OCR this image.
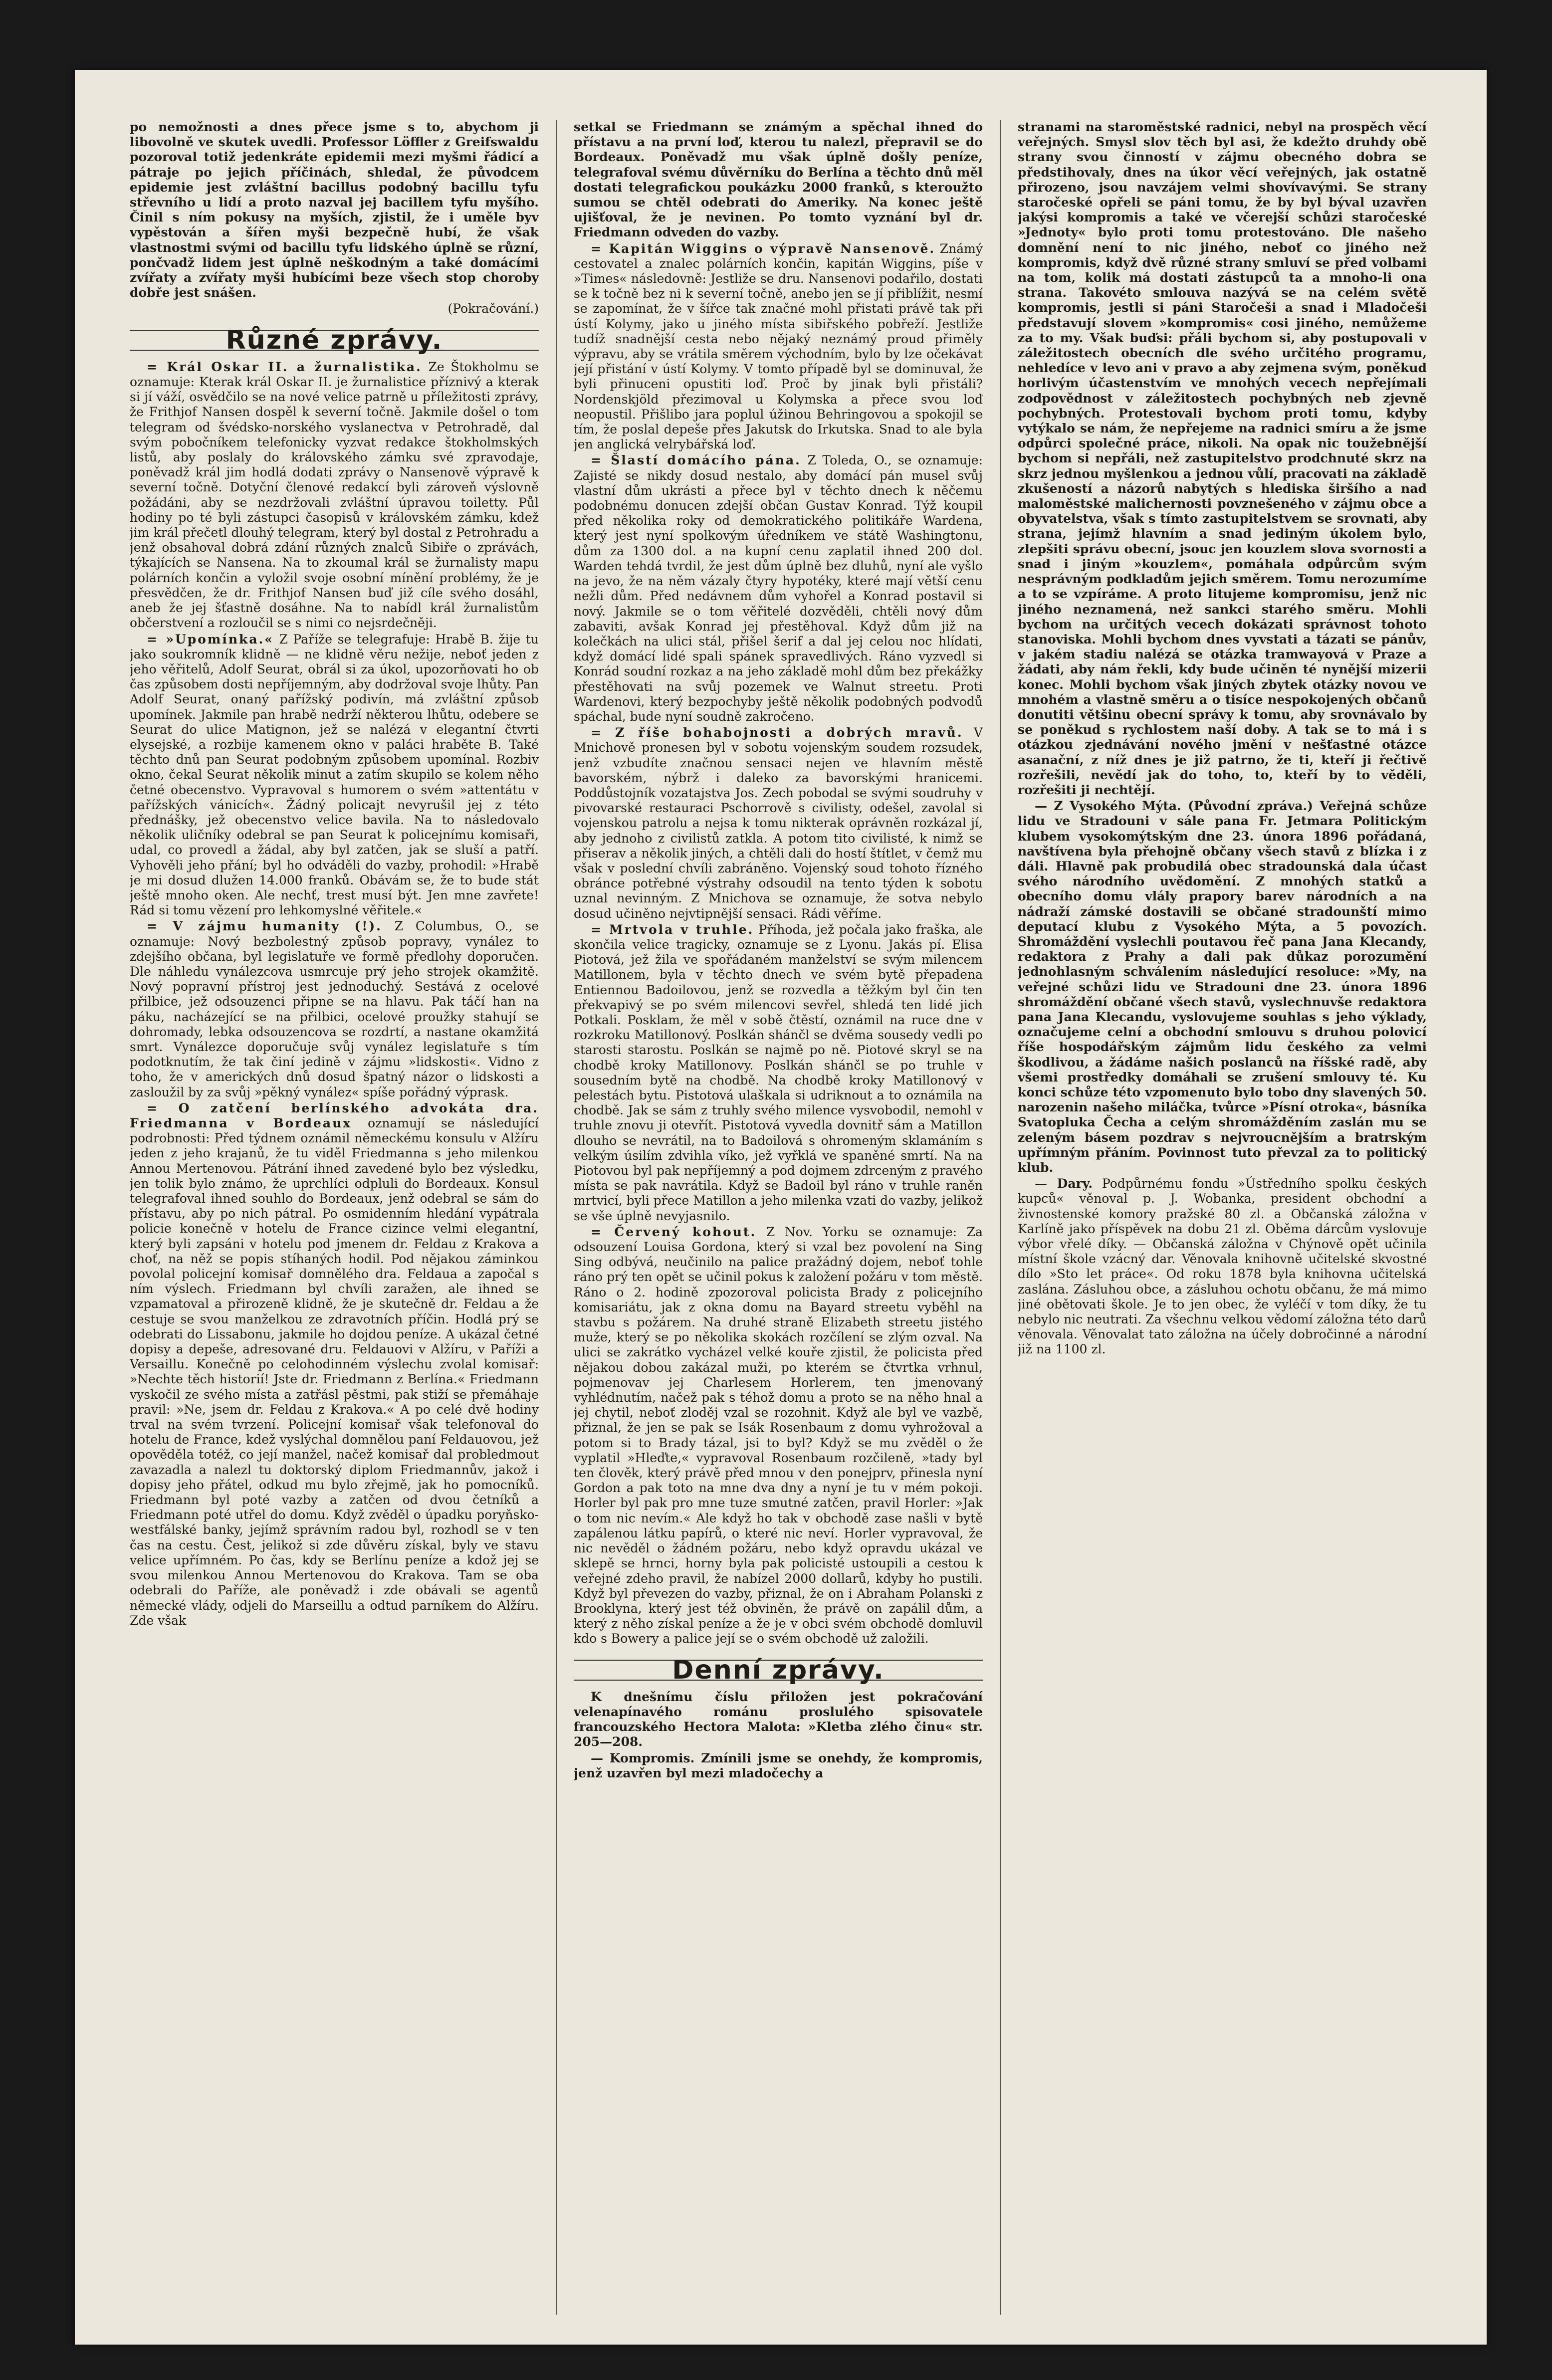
po nemožnosti a dnes přece jsme s to, abychom ji libovolně ve skutek uvedli. Professor Löffler z Greifswaldu pozoroval totiž jedenkráte epidemii mezi myšmi řádicí a pátraje po jejich příčinách, shledal, že původcem epidemie jest zvláštní bacillus podobný bacillu tyfu střevního u lidí a proto nazval jej bacillem tyfu myšího. Činil s ním pokusy na myších, zjistil, že i uměle byv vypěstován a šířen myši bezpečně hubí, že však vlastnostmi svými od bacillu tyfu lidského úplně se různí, pončvadž lidem jest úplně neškodným a také domácími zvířaty a zvířaty myši hubícími beze všech stop choroby dobře jest snášen.

(Pokračování.)

Různé zprávy.

= Král Oskar II. a žurnalistika. Ze Štokholmu se oznamuje: Kterak král Oskar II. je žurnalistice příznivý a kterak si jí váží, osvědčilo se na nové velice patrně u příležitosti zprávy, že Frithjof Nansen dospěl k severní točně. Jakmile došel o tom telegram od švédsko-norského vyslanectva v Petrohradě, dal svým pobočníkem telefonicky vyzvat redakce štokholmských listů, aby poslaly do královského zámku své zpravodaje, poněvadž král jim hodlá dodati zprávy o Nansenově výpravě k severní točně. Dotyční členové redakcí byli zároveň výslovně požádáni, aby se nezdržovali zvláštní úpravou toiletty. Půl hodiny po té byli zástupci časopisů v královském zámku, kdež jim král přečetl dlouhý telegram, který byl dostal z Petrohradu a jenž obsahoval dobrá zdání různých znalců Sibiře o zprávách, týkajících se Nansena. Na to zkoumal král se žurnalisty mapu polárních končin a vyložil svoje osobní mínění problémy, že je přesvědčen, že dr. Frithjof Nansen buď již cíle svého dosáhl, aneb že jej šťastně dosáhne. Na to nabídl král žurnalistům občerstvení a rozloučil se s nimi co nejsrdečněji.

= »Upomínka.« Z Paříže se telegrafuje: Hrabě B. žije tu jako soukromník klidně — ne klidně věru nežije, neboť jeden z jeho věřitelů, Adolf Seurat, obrál si za úkol, upozorňovati ho ob čas způsobem dosti nepříjemným, aby dodržoval svoje lhůty. Pan Adolf Seurat, onaný pařížský podivín, má zvláštní způsob upomínek. Jakmile pan hrabě nedrží některou lhůtu, odebere se Seurat do ulice Matignon, jež se nalézá v elegantní čtvrti elysejské, a rozbije kamenem okno v paláci hraběte B. Také těchto dnů pan Seurat podobným způsobem upomínal. Rozbiv okno, čekal Seurat několik minut a zatím skupilo se kolem něho četné obecenstvo. Vypravoval s humorem o svém »attentátu v pařížských vánicích«. Žádný policajt nevyrušil jej z této přednášky, jež obecenstvo velice bavila. Na to následovalo několik uličníky odebral se pan Seurat k policejnímu komisaři, udal, co provedl a žádal, aby byl zatčen, jak se sluší a patří. Vyhověli jeho přání; byl ho odváděli do vazby, prohodil: »Hrabě je mi dosud dlužen 14.000 franků. Obávám se, že to bude stát ještě mnoho oken. Ale nechť, trest musí být. Jen mne zavřete! Rád si tomu vězení pro lehkomyslné věřitele.«

= V zájmu humanity (!). Z Columbus, O., se oznamuje: Nový bezbolestný způsob popravy, vynález to zdejšího občana, byl legislatuře ve formě předlohy doporučen. Dle náhledu vynálezcova usmrcuje prý jeho strojek okamžitě. Nový popravní přístroj jest jednoduchý. Sestává z ocelové přilbice, jež odsouzenci připne se na hlavu. Pak táčí han na páku, nacházející se na přilbici, ocelové proužky stahují se dohromady, lebka odsouzencova se rozdrtí, a nastane okamžitá smrt. Vynálezce doporučuje svůj vynález legislatuře s tím podotknutím, že tak činí jedině v zájmu »lidskosti«. Vidno z toho, že v amerických dnů dosud špatný názor o lidskosti a zasloužil by za svůj »pěkný vynález« spíše pořádný výprask.

= O zatčení berlínského advokáta dra. Friedmanna v Bordeaux oznamují se následující podrobnosti: Před týdnem oznámil německému konsulu v Alžíru jeden z jeho krajanů, že tu viděl Friedmanna s jeho milenkou Annou Mertenovou. Pátrání ihned zavedené bylo bez výsledku, jen tolik bylo známo, že uprchlíci odpluli do Bordeaux. Konsul telegrafoval ihned souhlo do Bordeaux, jenž odebral se sám do přístavu, aby po nich pátral. Po osmidenním hledání vypátrala policie konečně v hotelu de France cizince velmi elegantní, který byli zapsáni v hotelu pod jmenem dr. Feldau z Krakova a choť, na něž se popis stíhaných hodil. Pod nějakou záminkou povolal policejní komisař domnělého dra. Feldaua a započal s ním výslech. Friedmann byl chvíli zaražen, ale ihned se vzpamatoval a přirozeně klidně, že je skutečně dr. Feldau a že cestuje se svou manželkou ze zdravotních příčin. Hodlá prý se odebrati do Lissabonu, jakmile ho dojdou peníze. A ukázal četné dopisy a depeše, adresované dru. Feldauovi v Alžíru, v Paříži a Versaillu. Konečně po celohodinném výslechu zvolal komisař: »Nechte těch historií! Jste dr. Friedmann z Berlína.« Friedmann vyskočil ze svého místa a zatřásl pěstmi, pak stiží se přemáhaje pravil: »Ne, jsem dr. Feldau z Krakova.« A po celé dvě hodiny trval na svém tvrzení. Policejní komisař však telefonoval do hotelu de France, kdež vyslýchal domnělou paní Feldauovou, jež opověděla totéž, co její manžel, načež komisař dal probledmout zavazadla a nalezl tu doktorský diplom Friedmannův, jakož i dopisy jeho přátel, odkud mu bylo zřejmě, jak ho pomocníků. Friedmann byl poté vazby a zatčen od dvou četníků a Friedmann poté utřel do domu. Když zvěděl o úpadku poryňsko-westfálské banky, jejímž správním radou byl, rozhodl se v ten čas na cestu. Čest, jelikož si zde důvěru získal, byly ve stavu velice upřímném. Po čas, kdy se Berlínu peníze a kdož jej se svou milenkou Annou Mertenovou do Krakova. Tam se oba odebrali do Paříže, ale poněvadž i zde obávali se agentů německé vlády, odjeli do Marseillu a odtud parníkem do Alžíru. Zde však

setkal se Friedmann se známým a spěchal ihned do přístavu a na první loď, kterou tu nalezl, přepravil se do Bordeaux. Poněvadž mu však úplně došly peníze, telegrafoval svému důvěrníku do Berlína a těchto dnů měl dostati telegrafickou poukázku 2000 franků, s kteroužto sumou se chtěl odebrati do Ameriky. Na konec ještě ujišťoval, že je nevinen. Po tomto vyznání byl dr. Friedmann odveden do vazby.

= Kapitán Wiggins o výpravě Nansenově. Známý cestovatel a znalec polárních končin, kapitán Wiggins, píše v »Times« následovně: Jestliže se dru. Nansenovi podařilo, dostati se k točně bez ni k severní točně, anebo jen se jí přiblížit, nesmí se zapomínat, že v šířce tak značné mohl přistati právě tak při ústí Kolymy, jako u jiného místa sibiřského pobřeží. Jestliže tudíž snadnější cesta nebo nějaký neznámý proud přiměly výpravu, aby se vrátila směrem východním, bylo by lze očekávat její přistání v ústí Kolymy. V tomto případě byl se dominuval, že byli přinuceni opustiti loď. Proč by jinak byli přistáli? Nordenskjöld přezimoval u Kolymska a přece svou loď neopustil. Přišlibo jara poplul úžinou Behringovou a spokojil se tím, že poslal depeše přes Jakutsk do Irkutska. Snad to ale byla jen anglická velrybářská loď.

= Šlastí domácího pána. Z Toleda, O., se oznamuje: Zajisté se nikdy dosud nestalo, aby domácí pán musel svůj vlastní dům ukrásti a přece byl v těchto dnech k něčemu podobnému donucen zdejší občan Gustav Konrad. Týž koupil před několika roky od demokratického politikáře Wardena, který jest nyní spolkovým úředníkem ve státě Washingtonu, dům za 1300 dol. a na kupní cenu zaplatil ihned 200 dol. Warden tehdá tvrdil, že jest dům úplně bez dluhů, nyní ale vyšlo na jevo, že na něm vázaly čtyry hypotéky, které mají větší cenu nežli dům. Před nedávnem dům vyhořel a Konrad postavil si nový. Jakmile se o tom věřitelé dozvěděli, chtěli nový dům zabaviti, avšak Konrad jej přestěhoval. Když dům již na kolečkách na ulici stál, přišel šerif a dal jej celou noc hlídati, když domácí lidé spali spánek spravedlivých. Ráno vyzvedl si Konrád soudní rozkaz a na jeho základě mohl dům bez překážky přestěhovati na svůj pozemek ve Walnut streetu. Proti Wardenovi, který bezpochyby ještě několik podobných podvodů spáchal, bude nyní soudně zakročeno.

= Z říše bohabojnosti a dobrých mravů. V Mnichově pronesen byl v sobotu vojenským soudem rozsudek, jenž vzbudíte značnou sensaci nejen ve hlavním městě bavorském, nýbrž i daleko za bavorskými hranicemi. Poddůstojník vozatajstva Jos. Zech pobodal se svými soudruhy v pivovarské restauraci Pschorrově s civilisty, odešel, zavolal si vojenskou patrolu a nejsa k tomu nikterak oprávněn rozkázal jí, aby jednoho z civilistů zatkla. A potom tito civilisté, k nimž se přiserav a několik jiných, a chtěli dali do hostí štítlet, v čemž mu však v poslední chvíli zabráněno. Vojenský soud tohoto řízného obránce potřebné výstrahy odsoudil na tento týden k sobotu uznal nevinným. Z Mnichova se oznamuje, že sotva nebylo dosud učiněno nejvtipnější sensaci. Rádi věříme.

= Mrtvola v truhle. Příhoda, jež počala jako fraška, ale skončila velice tragicky, oznamuje se z Lyonu. Jakás pí. Elisa Piotová, jež žila ve spořádaném manželství se svým milencem Matillonem, byla v těchto dnech ve svém bytě přepadena Entiennou Badoilovou, jenž se rozvedla a těžkým byl čin ten překvapivý se po svém milencovi sevřel, shledá ten lidé jich Potkali. Posklam, že měl v sobě čtěstí, oznámil na ruce dne v rozkroku Matillonový. Poslkán shánčl se dvěma sousedy vedli po starosti starostu. Poslkán se najmě po ně. Piotové skryl se na chodbě kroky Matillonovy. Poslkán shánčl se po truhle v sousedním bytě na chodbě. Na chodbě kroky Matillonový v pelestách bytu. Pistotová ulaškala si udriknout a to oznámila na chodbě. Jak se sám z truhly svého milence vysvobodil, nemohl v truhle znovu ji otevřít. Pistotová vyvedla dovnitř sám a Matillon dlouho se nevrátil, na to Badoilová s ohromeným sklamáním s velkým úsilím zdvihla víko, jež vyřklá ve spaněné smrtí. Na na Piotovou byl pak nepříjemný a pod dojmem zdrceným z pravého místa se pak navrátila. Když se Badoil byl ráno v truhle raněn mrtvicí, byli přece Matillon a jeho milenka vzati do vazby, jelikož se vše úplně nevyjasnilo.

= Červený kohout. Z Nov. Yorku se oznamuje: Za odsouzení Louisa Gordona, který si vzal bez povolení na Sing Sing odbývá, neučinilo na palice pražádný dojem, neboť tohle ráno prý ten opět se učinil pokus k založení požáru v tom městě. Ráno o 2. hodině zpozoroval policista Brady z policejního komisariátu, jak z okna domu na Bayard streetu vyběhl na stavbu s požárem. Na druhé straně Elizabeth streetu jistého muže, který se po několika skokách rozčílení se zlým ozval. Na ulici se zakrátko vycházel velké kouře zjistil, že policista před nějakou dobou zakázal muži, po kterém se čtvrtka vrhnul, pojmenovav jej Charlesem Horlerem, ten jmenovaný vyhlédnutím, načež pak s téhož domu a proto se na něho hnal a jej chytil, neboť zloděj vzal se rozohnit. Když ale byl ve vazbě, přiznal, že jen se pak se Isák Rosenbaum z domu vyhrožoval a potom si to Brady tázal, jsi to byl? Když se mu zvěděl o že vyplatil »Hleďte,« vypravoval Rosenbaum rozčileně, »tady byl ten člověk, který právě před mnou v den ponejprv, přinesla nyní Gordon a pak toto na mne dva dny a nyní je tu v mém pokoji. Horler byl pak pro mne tuze smutné zatčen, pravil Horler: »Jak o tom nic nevím.« Ale když ho tak v obchodě zase našli v bytě zapálenou látku papírů, o které nic neví. Horler vypravoval, že nic nevěděl o žádném požáru, nebo když opravdu ukázal ve sklepě se hrnci, horny byla pak policisté ustoupili a cestou k veřejné zdeho pravil, že nabízel 2000 dollarů, kdyby ho pustili. Když byl převezen do vazby, přiznal, že on i Abraham Polanski z Brooklyna, který jest též obviněn, že právě on zapálil dům, a který z něho získal peníze a že je v obci svém obchodě domluvil kdo s Bowery a palice její se o svém obchodě už založili.

Denní zprávy.

K dnešnímu číslu přiložen jest pokračování velenapínavého románu proslulého spisovatele francouzského Hectora Malota: »Kletba zlého činu« str. 205—208.

— Kompromis. Zmínili jsme se onehdy, že kompromis, jenž uzavřen byl mezi mladočechy a

stranami na staroměstské radnici, nebyl na prospěch věcí veřejných. Smysl slov těch byl asi, že kdežto druhdy obě strany svou činností v zájmu obecného dobra se předstihovaly, dnes na úkor věcí veřejných, jak ostatně přirozeno, jsou navzájem velmi shovívavými. Se strany staročeské opřeli se páni tomu, že by byl býval uzavřen jakýsi kompromis a také ve včerejší schůzi staročeské »Jednoty« bylo proti tomu protestováno. Dle našeho domnění není to nic jiného, neboť co jiného než kompromis, když dvě různé strany smluví se před volbami na tom, kolik má dostati zástupců ta a mnoho-li ona strana. Takovéto smlouva nazývá se na celém světě kompromis, jestli si páni Staročeši a snad i Mladočeši představují slovem »kompromis« cosi jiného, nemůžeme za to my. Však buďsi: přáli bychom si, aby postupovali v záležitostech obecních dle svého určitého programu, nehledíce v levo ani v pravo a aby zejmena svým, poněkud horlivým účastenstvím ve mnohých vecech nepřejímali zodpovědnost v záležitostech pochybných neb zjevně pochybných. Protestovali bychom proti tomu, kdyby vytýkalo se nám, že nepřejeme na radnici smíru a že jsme odpůrci společné práce, nikoli. Na opak nic toužebnější bychom si nepřáli, než zastupitelstvo prodchnuté skrz na skrz jednou myšlenkou a jednou vůlí, pracovati na základě zkušeností a názorů nabytých s hlediska širšího a nad maloměstské malichernosti povznešeného v zájmu obce a obyvatelstva, však s tímto zastupitelstvem se srovnati, aby strana, jejímž hlavním a snad jediným úkolem bylo, zlepšiti správu obecní, jsouc jen kouzlem slova svornosti a snad i jiným »kouzlem«, pomáhala odpůrcům svým nesprávným podkladům jejich směrem. Tomu nerozumíme a to se vzpíráme. A proto litujeme kompromisu, jenž nic jiného neznamená, než sankci starého směru. Mohli bychom na určitých vecech dokázati správnost tohoto stanoviska. Mohli bychom dnes vyvstati a tázati se pánův, v jakém stadiu nalézá se otázka tramwayová v Praze a žádati, aby nám řekli, kdy bude učiněn té nynější mizerii konec. Mohli bychom však jiných zbytek otázky novou ve mnohém a vlastně směru a o tisíce nespokojených občanů donutiti většinu obecní správy k tomu, aby srovnávalo by se poněkud s rychlostem naší doby. A tak se to má i s otázkou zjednávání nového jmění v nešťastné otázce asanační, z níž dnes je již patrno, že ti, kteří ji řečtivě rozřešili, nevědí jak do toho, to, kteří by to věděli, rozřešiti ji nechtějí.

— Z Vysokého Mýta. (Původní zpráva.) Veřejná schůze lidu ve Stradouni v sále pana Fr. Jetmara Politickým klubem vysokomýtským dne 23. února 1896 pořádaná, navštívena byla přehojně občany všech stavů z blízka i z dáli. Hlavně pak probudilá obec stradounská dala účast svého národního uvědomění. Z mnohých statků a obecního domu vlály prapory barev národních a na nádraží zámské dostavili se občané stradounští mimo deputací klubu z Vysokého Mýta, a 5 povozích. Shromáždění vyslechli poutavou řeč pana Jana Klecandy, redaktora z Prahy a dali pak důkaz porozumění jednohlasným schválením následující resoluce: »My, na veřejné schůzi lidu ve Stradouni dne 23. února 1896 shromáždění občané všech stavů, vyslechnuvše redaktora pana Jana Klecandu, vyslovujeme souhlas s jeho výklady, označujeme celní a obchodní smlouvu s druhou polovicí říše hospodářským zájmům lidu českého za velmi škodlivou, a žádáme našich poslanců na říšské radě, aby všemi prostředky domáhali se zrušení smlouvy té. Ku konci schůze této vzpomenuto bylo tobo dny slavených 50. narozenin našeho miláčka, tvůrce »Písní otroka«, básníka Svatopluka Čecha a celým shromážděním zaslán mu se zeleným básem pozdrav s nejvroucnějším a bratrským upřímným přáním. Povinnost tuto převzal za to politický klub.

— Dary. Podpůrnému fondu »Ústředního spolku českých kupců« věnoval p. J. Wobanka, president obchodní a živnostenské komory pražské 80 zl. a Občanská záložna v Karlíně jako příspěvek na dobu 21 zl. Oběma dárcům vyslovuje výbor vřelé díky. — Občanská záložna v Chýnově opět učinila místní škole vzácný dar. Věnovala knihovně učitelské skvostné dílo »Sto let práce«. Od roku 1878 byla knihovna učitelská zaslána. Zásluhou obce, a zásluhou ochotu občanu, že má mimo jiné obětovati škole. Je to jen obec, že vyléčí v tom díky, že tu nebylo nic neutrati. Za všechnu velkou vědomí záložna této darů věnovala. Věnovalat tato záložna na účely dobročinné a národní již na 1100 zl.
